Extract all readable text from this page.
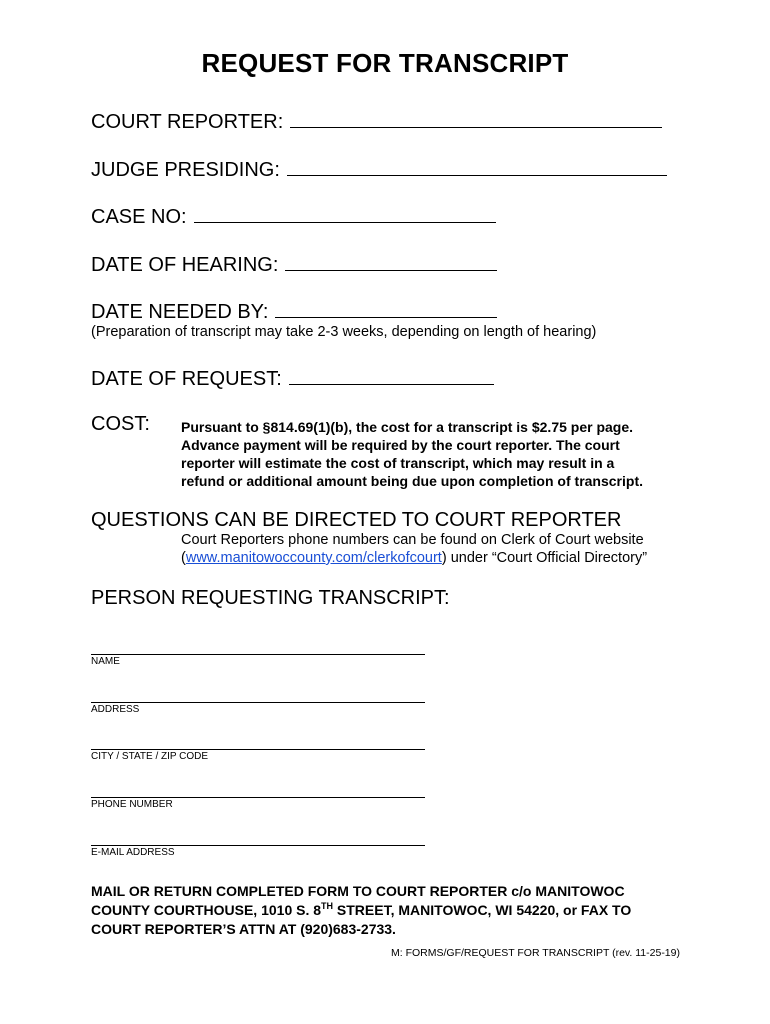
REQUEST FOR TRANSCRIPT
COURT REPORTER:
JUDGE PRESIDING:
CASE NO:
DATE OF HEARING:
DATE NEEDED BY:
(Preparation of transcript may take 2-3 weeks, depending on length of hearing)
DATE OF REQUEST:
COST: Pursuant to §814.69(1)(b), the cost for a transcript is $2.75 per page.
Advance payment will be required by the court reporter. The court
reporter will estimate the cost of transcript, which may result in a
refund or additional amount being due upon completion of transcript.
QUESTIONS CAN BE DIRECTED TO COURT REPORTER
Court Reporters phone numbers can be found on Clerk of Court website
(www.manitowoccounty.com/clerkofcourt) under “Court Official Directory”
PERSON REQUESTING TRANSCRIPT:
NAME
ADDRESS
CITY / STATE / ZIP CODE
PHONE NUMBER
E-MAIL ADDRESS
MAIL OR RETURN COMPLETED FORM TO COURT REPORTER c/o MANITOWOC
COUNTY COURTHOUSE, 1010 S. 8TH STREET, MANITOWOC, WI 54220, or FAX TO
COURT REPORTER’S ATTN AT (920)683-2733.
M: FORMS/GF/REQUEST FOR TRANSCRIPT (rev. 11-25-19)
